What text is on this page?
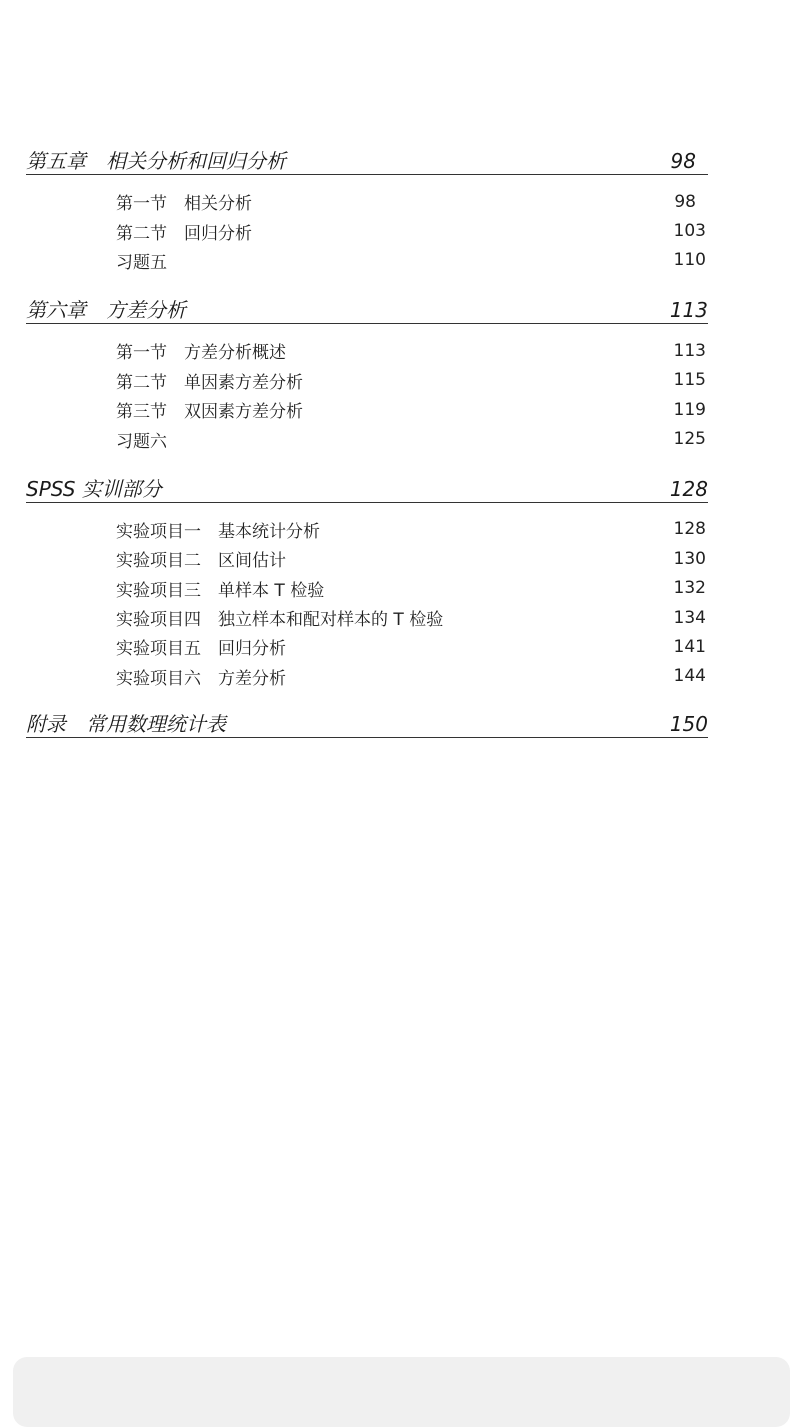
第五章　相关分析和回归分析	98
第一节　相关分析	98
第二节　回归分析	103
习题五	110
第六章　方差分析	113
第一节　方差分析概述	113
第二节　单因素方差分析	115
第三节　双因素方差分析	119
习题六	125
SPSS 实训部分	128
实验项目一　基本统计分析	128
实验项目二　区间估计	130
实验项目三　单样本 T 检验	132
实验项目四　独立样本和配对样本的 T 检验	134
实验项目五　回归分析	141
实验项目六　方差分析	144
附录　常用数理统计表	150
